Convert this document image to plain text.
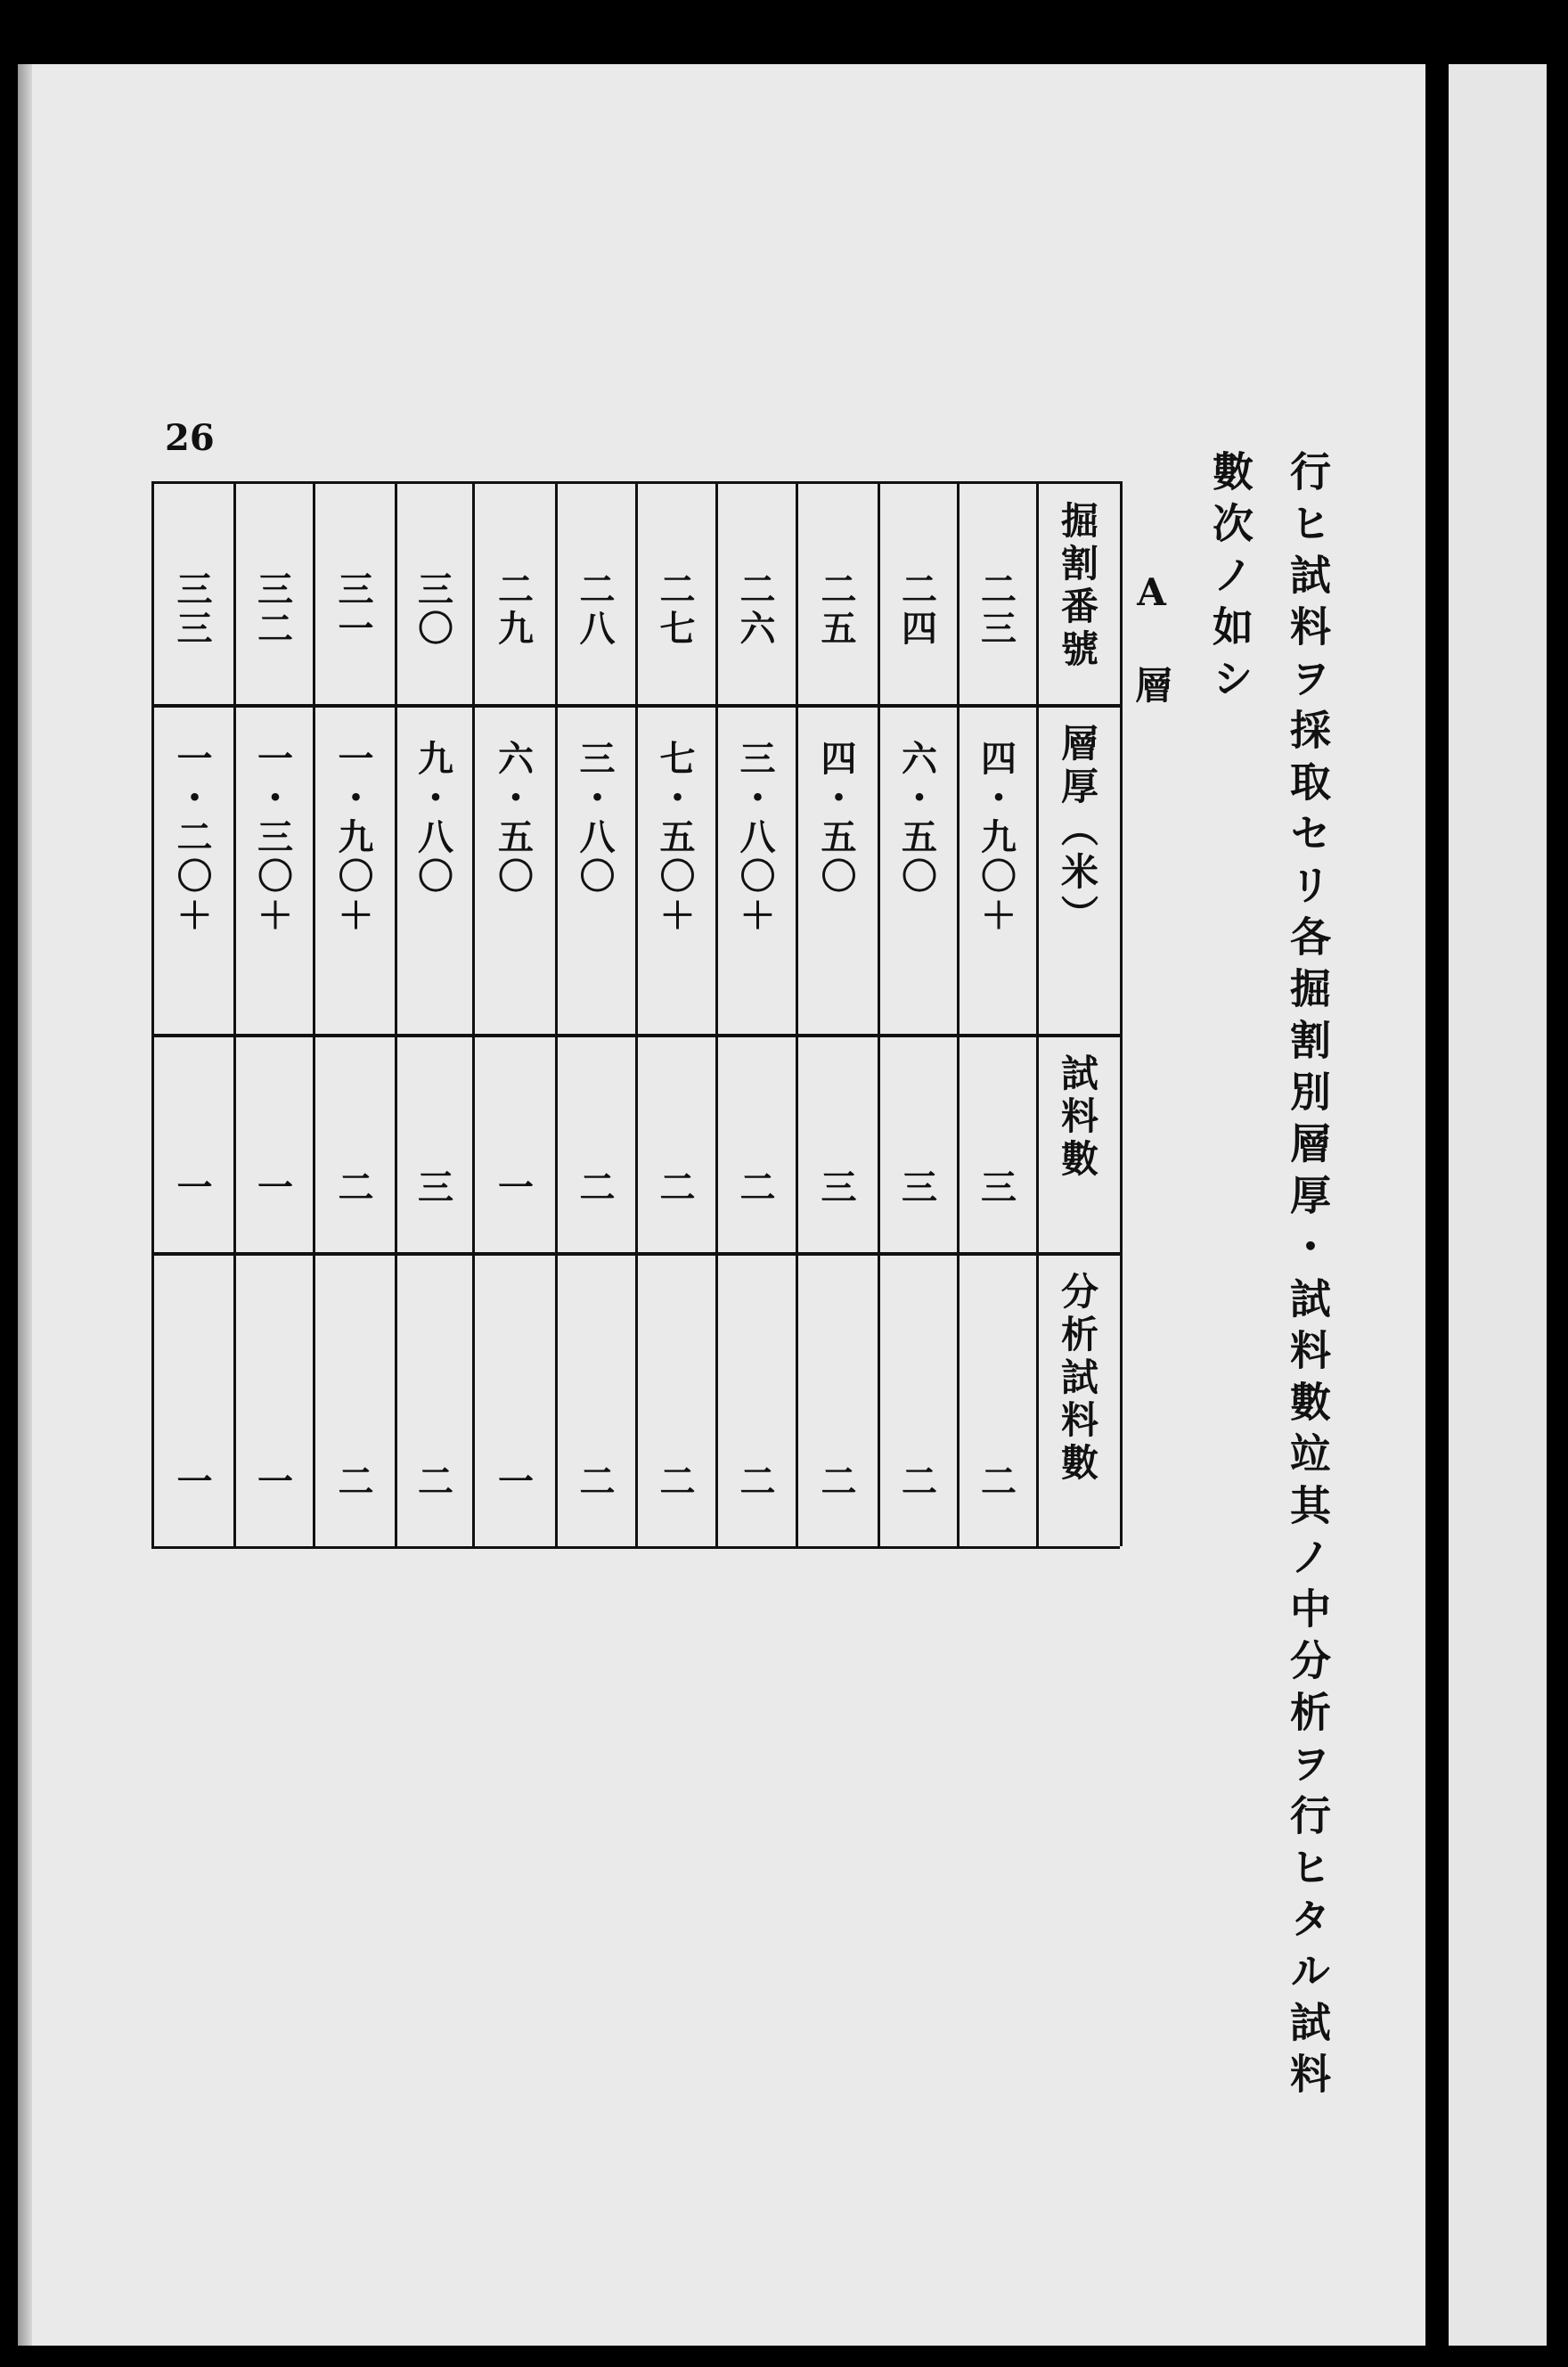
26
行ヒ試料ヲ採取セリ各掘割別層厚・試料數竝其ノ中分析ヲ行ヒタル試料
數次ノ如シ
A　層
掘割番號
層厚（米）
試料數
分析試料數
二三
四・九〇＋
三
二
二四
六・五〇
三
二
二五
四・五〇
三
二
二六
三・八〇＋
二
二
二七
七・五〇＋
二
二
二八
三・八〇
二
二
二九
六・五〇
一
一
三〇
九・八〇
三
二
三一
一・九〇＋
二
二
三二
一・三〇＋
一
一
三三
一・二〇＋
一
一
